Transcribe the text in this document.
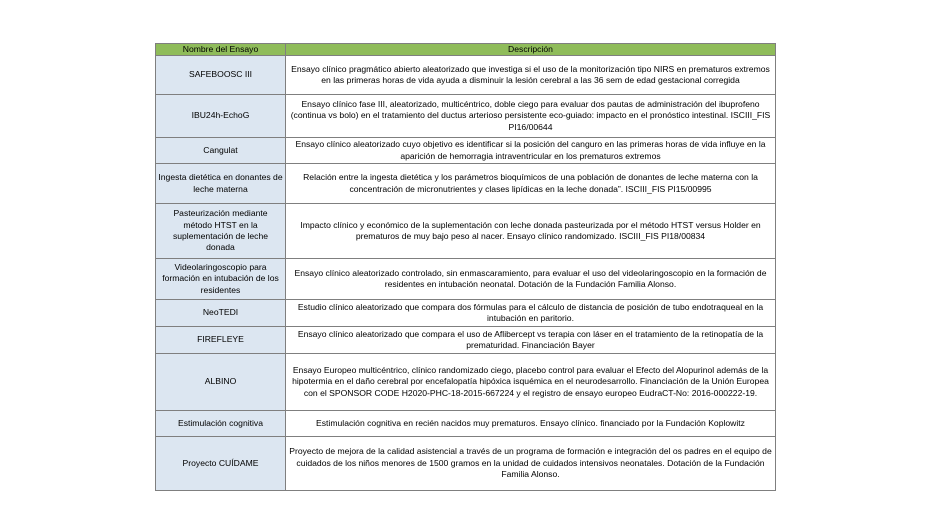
Nombre del Ensayo	Descripción
SAFEBOOSC III	Ensayo clínico pragmático abierto aleatorizado que investiga si el uso de la monitorización tipo NIRS en prematuros extremos en las primeras horas de vida ayuda a disminuir la lesión cerebral a las 36 sem de edad gestacional corregida
IBU24h-EchoG	Ensayo clínico fase III, aleatorizado, multicéntrico, doble ciego para evaluar dos pautas de administración del ibuprofeno (continua vs bolo) en el tratamiento del ductus arterioso persistente eco-guiado: impacto en el pronóstico intestinal. ISCIII_FIS PI16/00644
Cangulat	Ensayo clínico aleatorizado cuyo objetivo es identificar si la posición del canguro en las primeras horas de vida influye en la aparición de hemorragia intraventricular en los prematuros extremos
Ingesta dietética en donantes de leche materna	Relación entre la ingesta dietética y los parámetros bioquímicos de una población de donantes de leche materna con la concentración de micronutrientes y clases lipídicas en la leche donada”. ISCIII_FIS PI15/00995
Pasteurización mediante método HTST en la suplementación de leche donada	Impacto clínico y económico de la suplementación con leche donada pasteurizada por el método HTST versus Holder en prematuros de muy bajo peso al nacer. Ensayo clínico randomizado. ISCIII_FIS PI18/00834
Videolaringoscopio para formación en intubación de los residentes	Ensayo clínico aleatorizado controlado, sin enmascaramiento, para evaluar el uso del videolaringoscopio en la formación de residentes en intubación neonatal. Dotación de la Fundación Familia Alonso.
NeoTEDI	Estudio clínico aleatorizado que compara dos fórmulas para el cálculo de distancia de posición de tubo endotraqueal en la intubación en paritorio.
FIREFLEYE	Ensayo clínico aleatorizado que compara el uso de Aflibercept vs terapia con láser en el tratamiento de la retinopatía de la prematuridad. Financiación Bayer
ALBINO	Ensayo Europeo multicéntrico, clínico randomizado ciego, placebo control para evaluar el Efecto del Alopurinol además de la hipotermia en el daño cerebral por encefalopatía hipóxica isquémica en el neurodesarrollo. Financiación de la Unión Europea con el SPONSOR CODE H2020-PHC-18-2015-667224 y el registro de ensayo europeo EudraCT-No: 2016-000222-19.
Estimulación cognitiva	Estimulación cognitiva en recién nacidos muy prematuros. Ensayo clínico. financiado por la Fundación Koplowitz
Proyecto CUÍDAME	Proyecto de mejora de la calidad asistencial a través de un programa de formación e integración del os padres en el equipo de cuidados de los niños menores de 1500 gramos en la unidad de cuidados intensivos neonatales. Dotación de la Fundación Familia Alonso.
